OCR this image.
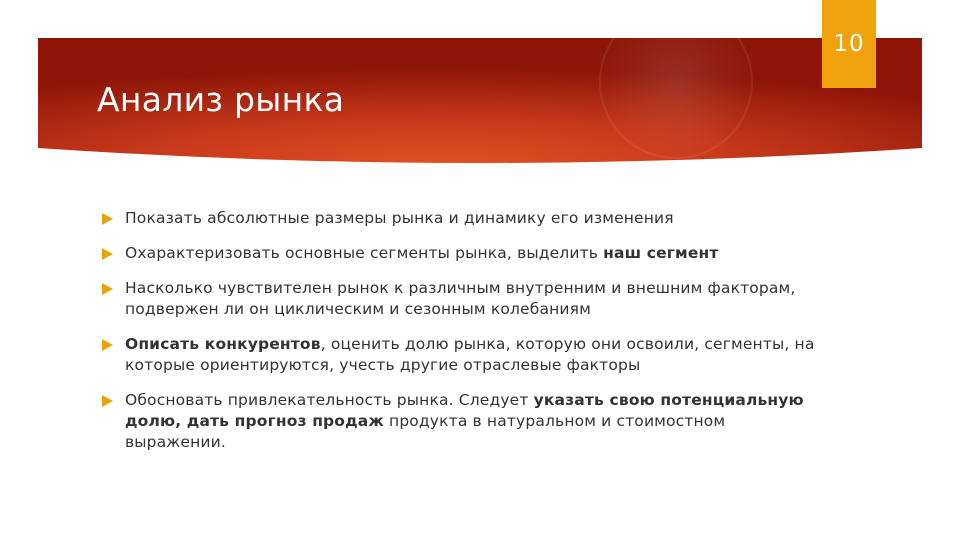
10
Анализ рынка
Показать абсолютные размеры рынка и динамику его изменения
Охарактеризовать основные сегменты рынка, выделить наш сегмент
Насколько чувствителен рынок к различным внутренним и внешним факторам, подвержен ли он циклическим и сезонным колебаниям
Описать конкурентов, оценить долю рынка, которую они освоили, сегменты, на которые ориентируются, учесть другие отраслевые факторы
Обосновать привлекательность рынка. Следует указать свою потенциальную долю, дать прогноз продаж продукта в натуральном и стоимостном выражении.
